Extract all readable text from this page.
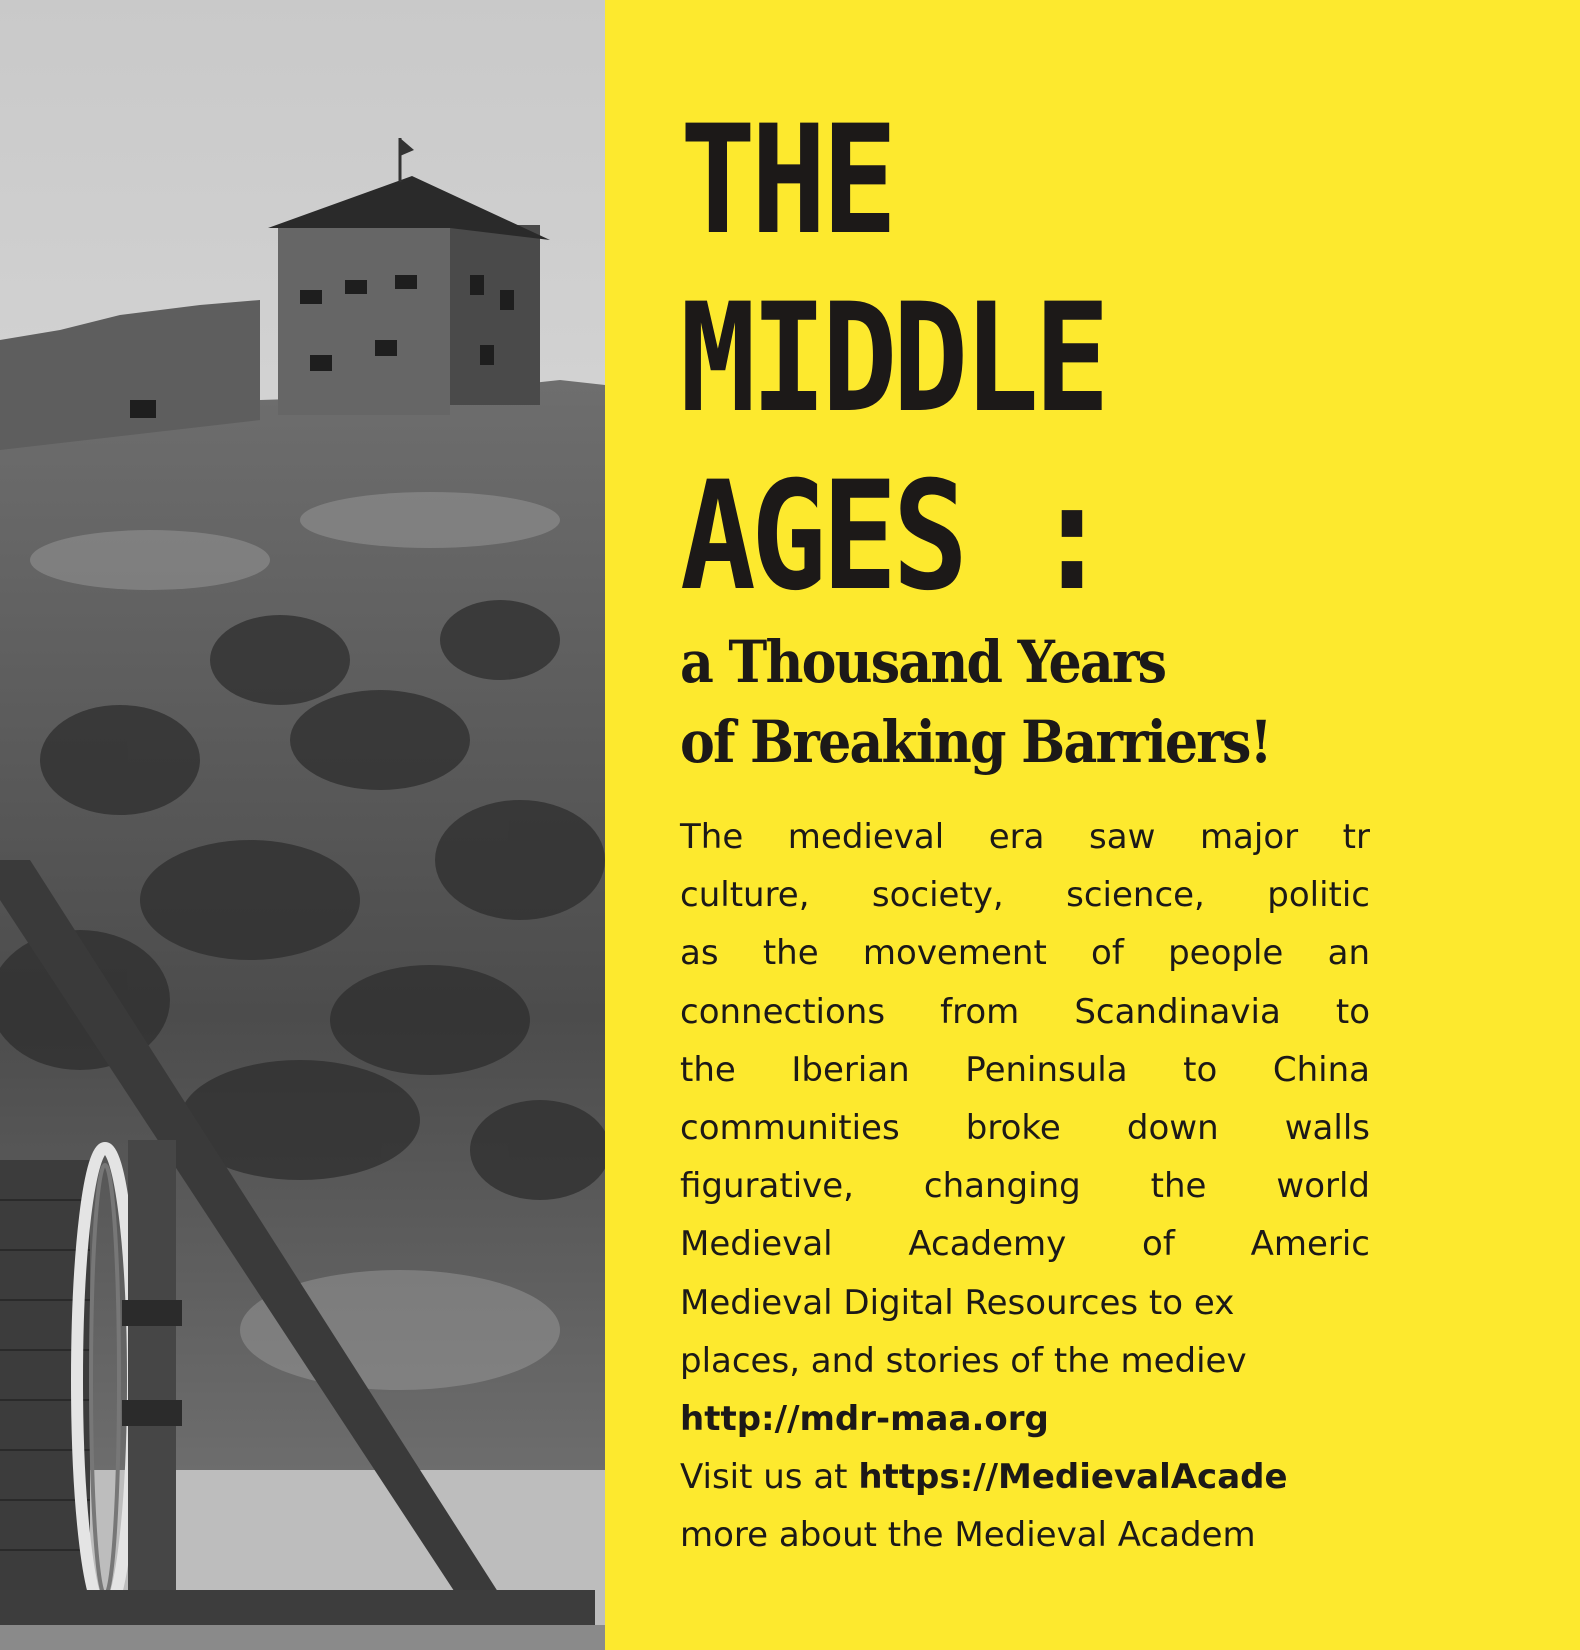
THE
MIDDLE
AGES :
a Thousand Years
of Breaking Barriers!
The medieval era saw major tr
culture, society, science, politic
as the movement of people an
connections from Scandinavia to
the Iberian Peninsula to China
communities broke down walls
figurative, changing the world
Medieval Academy of Americ
Medieval Digital Resources to ex
places, and stories of the mediev
http://mdr-maa.org
Visit us at https://MedievalAcade
more about the Medieval Academ
